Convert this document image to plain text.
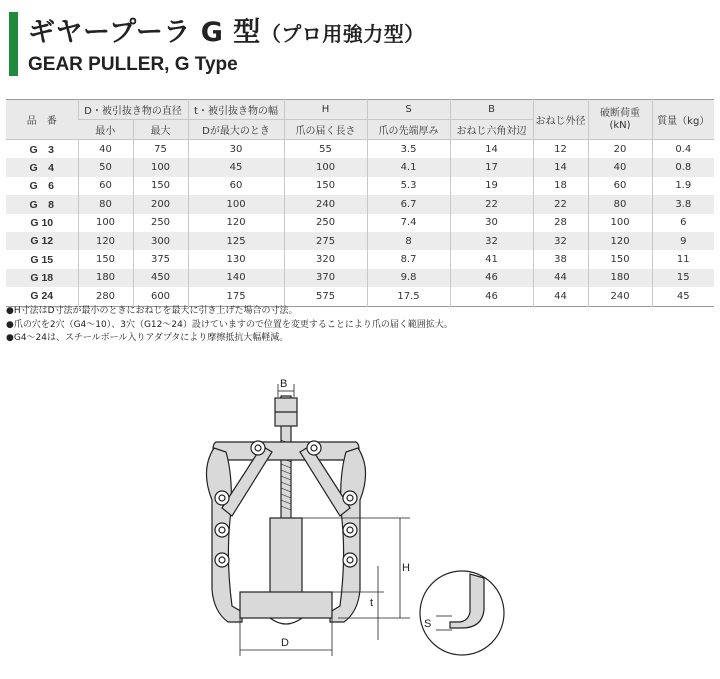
ギヤープーラ G 型（プロ用強力型）
GEAR PULLER, G Type
品　番	D・被引抜き物の直径		t・被引抜き物の幅	H	S	B	おねじ外径	破断荷重
(kN)	質量（kg）
	最小	最大	Dが最大のとき	爪の届く長さ	爪の先端厚み	おねじ六角対辺			
G　3	40	75	30	55	3.5	14	12	20	0.4
G　4	50	100	45	100	4.1	17	14	40	0.8
G　6	60	150	60	150	5.3	19	18	60	1.9
G　8	80	200	100	240	6.7	22	22	80	3.8
G 10	100	250	120	250	7.4	30	28	100	6
G 12	120	300	125	275	8	32	32	120	9
G 15	150	375	130	320	8.7	41	38	150	11
G 18	180	450	140	370	9.8	46	44	180	15
G 24	280	600	175	575	17.5	46	44	240	45
●H寸法はD寸法が最小のときにおねじを最大に引き上げた場合の寸法。
●爪の穴を2穴（G4～10）、3穴（G12～24）設けていますので位置を変更することにより爪の届く範囲拡大。
●G4～24は、スチールボール入りアダプタにより摩擦抵抗大幅軽減。
H
t
D
B
S
